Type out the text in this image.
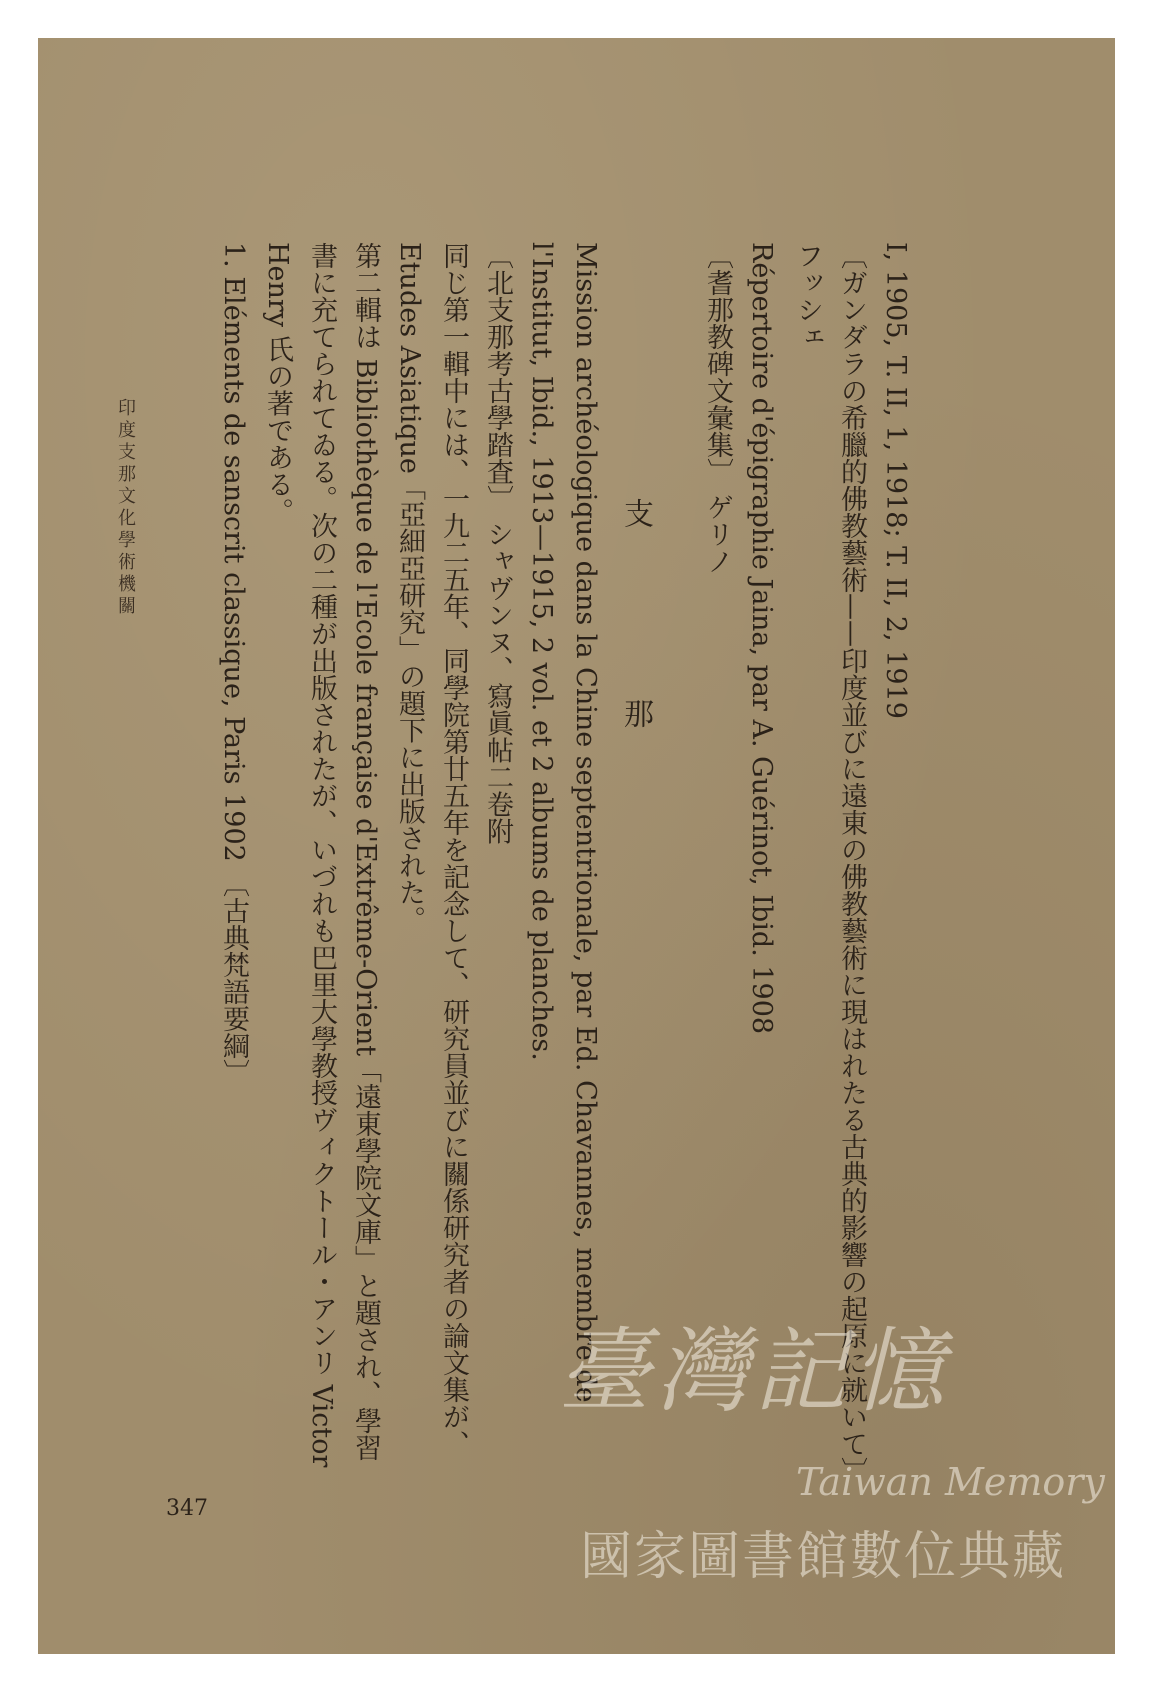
I, 1905, T. II, 1, 1918; T. II, 2, 1919
〔ガンダラの希臘的佛教藝術——印度並びに遠東の佛教藝術に現はれたる古典的影響の起原に就いて〕
フッシェ
Répertoire d'épigraphie Jaina, par A. Guérinot, Ibid. 1908
〔耆那教碑文彙集〕 ゲリノ
支　那
Mission archéologique dans la Chine septentrionale, par Ed. Chavannes, membre de
l'Institut, Ibid., 1913—1915, 2 vol. et 2 albums de planches.
〔北支那考古學踏査〕 シャヴンヌ、寫眞帖二卷附
同じ第一輯中には、一九二五年、同學院第廿五年を記念して、研究員並びに關係研究者の論文集が、
Etudes Asiatique「亞細亞研究」の題下に出版された。
第二輯は Bibliothèque de l'Ecole française d'Extrême-Orient「遠東學院文庫」と題され、學習
書に充てられてゐる。次の二種が出版されたが、いづれも巴里大學教授ヴィクトール・アンリ Victor
Henry 氏の著である。
1. Eléments de sanscrit classique, Paris 1902 〔古典梵語要綱〕
印度支那文化學術機關
347
臺灣記憶
Taiwan Memory
國家圖書館數位典藏
